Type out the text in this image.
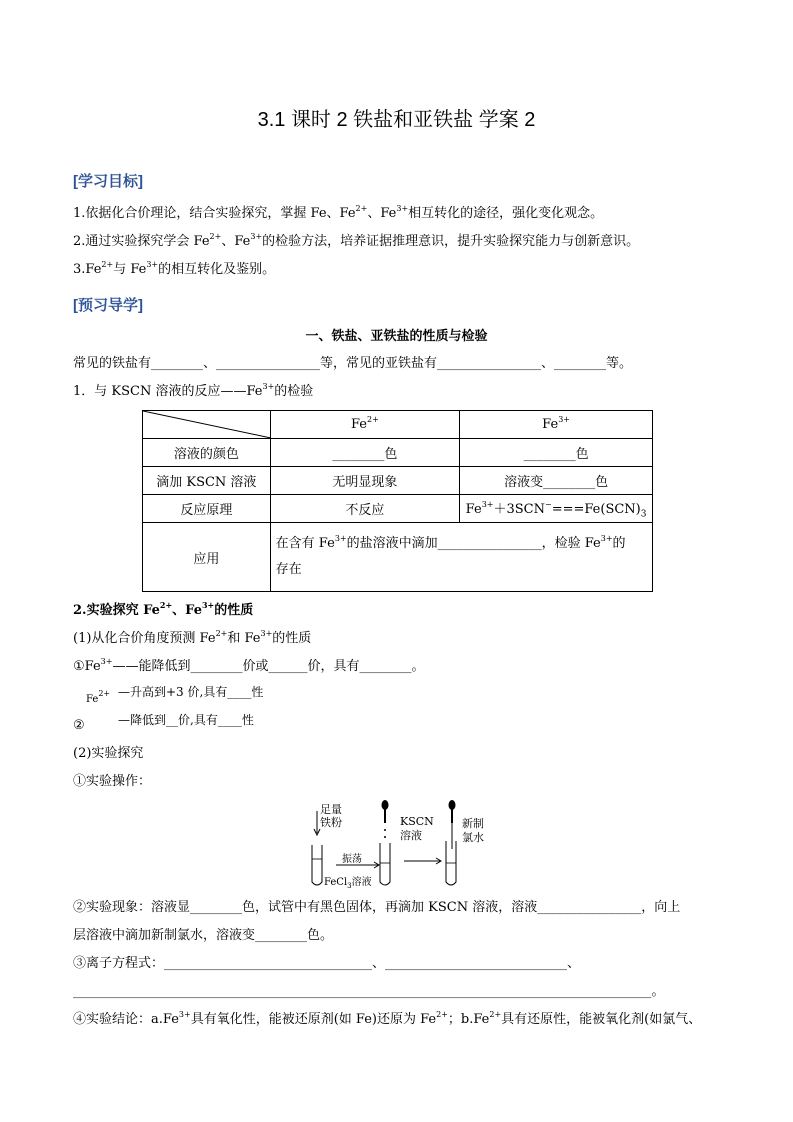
3.1 课时 2 铁盐和亚铁盐 学案 2
[学习目标]
1.依据化合价理论，结合实验探究，掌握 Fe、$Fe^{2+}$、$Fe^{3+}$相互转化的途径，强化变化观念。
2.通过实验探究学会 $Fe^{2+}$、$Fe^{3+}$的检验方法，培养证据推理意识，提升实验探究能力与创新意识。
$3.Fe^{2+}$与 $Fe^{3+}$的相互转化及鉴别。
[预习导学]
一、铁盐、亚铁盐的性质与检验
常见的铁盐有________、________________等，常见的亚铁盐有________________、________等。
1．与 KSCN 溶液的反应$——Fe^{3+}$的检验
	$Fe^{2+}$	$Fe^{3+}$
溶液的颜色	________色	________色
滴加 KSCN 溶液	无明显现象	溶液变________色
反应原理	不反应	$Fe^{3+}+3SCN^-===Fe(SCN)_3$
应用	在含有 $Fe^{3+}$的盐溶液中滴加________________，检验 $Fe^{3+}$的
存在	
2.实验探究 $Fe^{2+}$、$Fe^{3+}$的性质
(1)从化合价角度预测 $Fe^{2+}$和 $Fe^{3+}$的性质
$①Fe^{3+}——$能降低到________价或______价，具有________。
$Fe^{2+}$ —升高到+3 价,具有____性
—降低到__价,具有____性
②
(2)实验探究
①实验操作：
足量
铁粉
振荡
FeCl$_3$溶液
KSCN
溶液
新制
氯水
②实验现象：溶液显________色，试管中有黑色固体，再滴加 KSCN 溶液，溶液________________，向上
层溶液中滴加新制氯水，溶液变________色。
③离子方程式：________________________________、____________________________、
_________________________________________________________________________________________。
④实验结论：$a.Fe^{3+}$具有氧化性，能被还原剂(如 Fe)还原为 $Fe^{2+}$；$b.Fe^{2+}$具有还原性，能被氧化剂(如氯气、
